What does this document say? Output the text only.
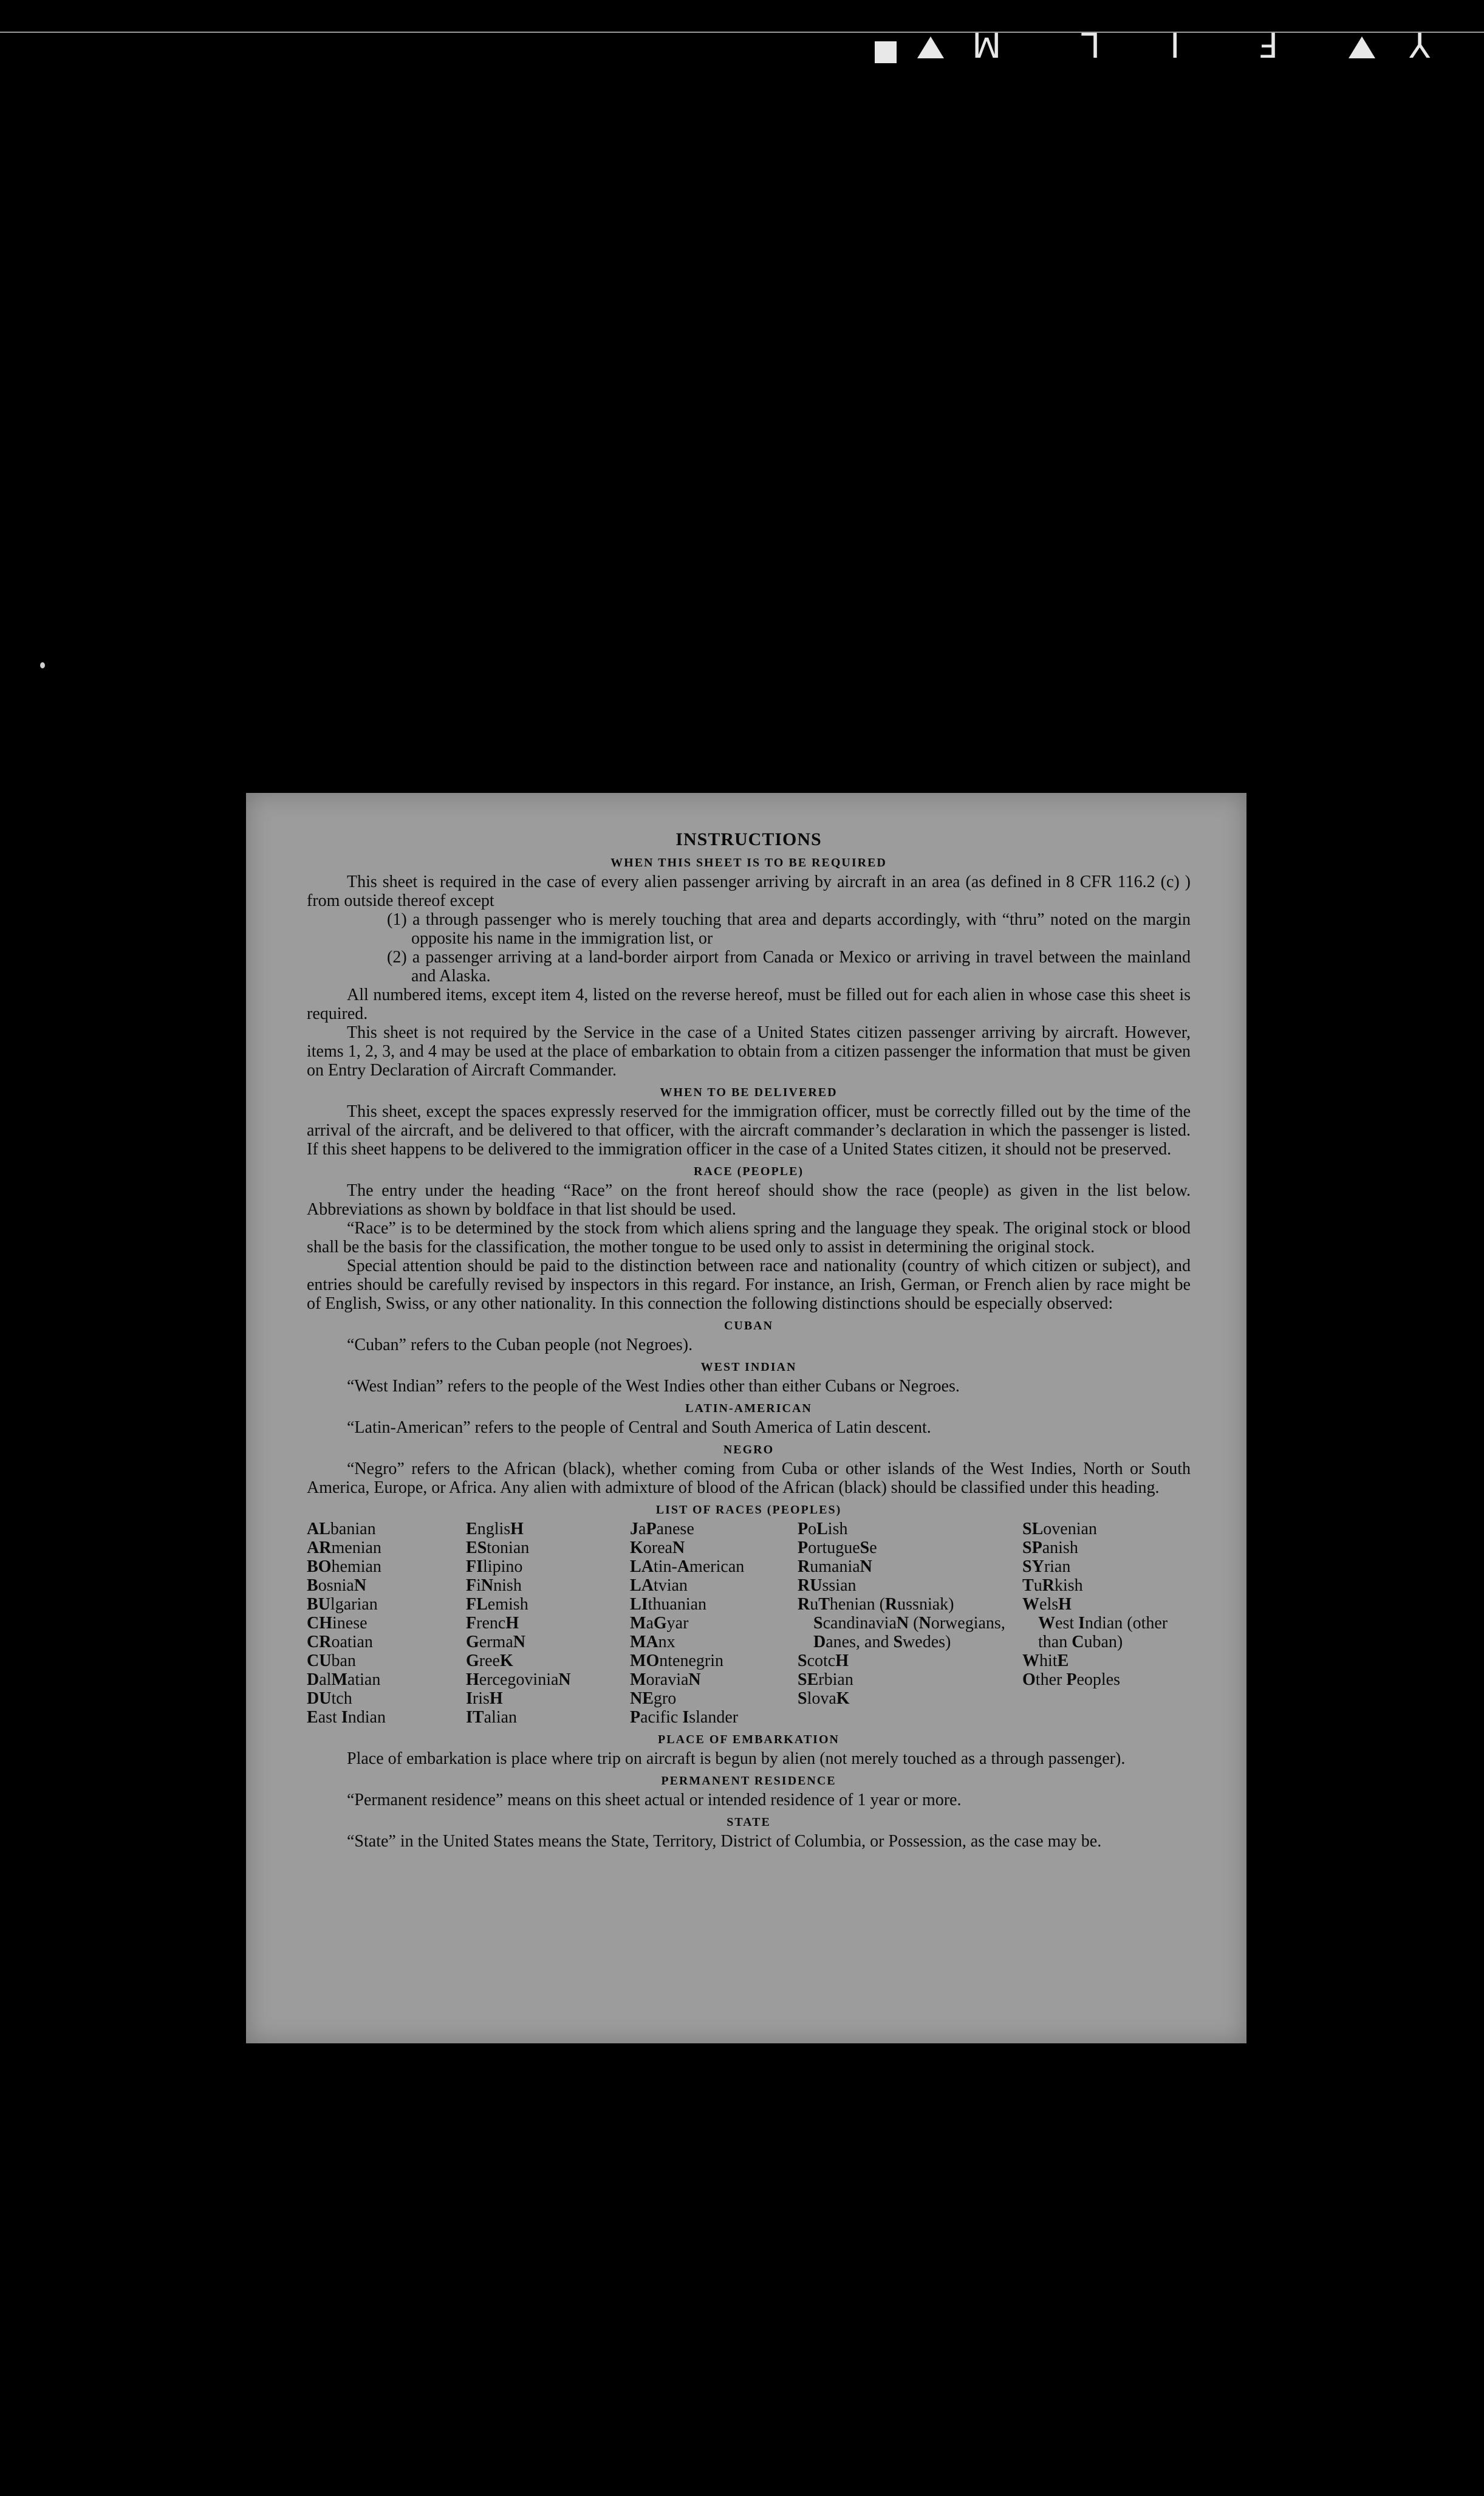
Y
F
I
L
M
INSTRUCTIONS
WHEN THIS SHEET IS TO BE REQUIRED

This sheet is required in the case of every alien passenger arriving by aircraft in an area (as defined in 8 CFR 116.2 (c) ) from outside thereof except

(1) a through passenger who is merely touching that area and departs accordingly, with “thru” noted on the margin opposite his name in the immigration list, or

(2) a passenger arriving at a land-border airport from Canada or Mexico or arriving in travel between the mainland and Alaska.

All numbered items, except item 4, listed on the reverse hereof, must be filled out for each alien in whose case this sheet is required.

This sheet is not required by the Service in the case of a United States citizen passenger arriving by aircraft. However, items 1, 2, 3, and 4 may be used at the place of embarkation to obtain from a citizen passenger the information that must be given on Entry Declaration of Aircraft Commander.

WHEN TO BE DELIVERED

This sheet, except the spaces expressly reserved for the immigration officer, must be correctly filled out by the time of the arrival of the aircraft, and be delivered to that officer, with the aircraft commander’s declaration in which the passenger is listed. If this sheet happens to be delivered to the immigration officer in the case of a United States citizen, it should not be preserved.

RACE (PEOPLE)

The entry under the heading “Race” on the front hereof should show the race (people) as given in the list below. Abbreviations as shown by boldface in that list should be used.

“Race” is to be determined by the stock from which aliens spring and the language they speak. The original stock or blood shall be the basis for the classification, the mother tongue to be used only to assist in determining the original stock.

Special attention should be paid to the distinction between race and nationality (country of which citizen or subject), and entries should be carefully revised by inspectors in this regard. For instance, an Irish, German, or French alien by race might be of English, Swiss, or any other nationality. In this connection the following distinctions should be especially observed:

CUBAN

“Cuban” refers to the Cuban people (not Negroes).

WEST INDIAN

“West Indian” refers to the people of the West Indies other than either Cubans or Negroes.

LATIN-AMERICAN

“Latin-American” refers to the people of Central and South America of Latin descent.

NEGRO

“Negro” refers to the African (black), whether coming from Cuba or other islands of the West Indies, North or South America, Europe, or Africa. Any alien with admixture of blood of the African (black) should be classified under this heading.

LIST OF RACES (PEOPLES)
ALbanian
ARmenian
BOhemian
BosniaN
BUlgarian
CHinese
CRoatian
CUban
DalMatian
DUtch
East Indian
EnglisH
EStonian
FIlipino
FiNnish
FLemish
FrencH
GermaN
GreeK
HercegoviniaN
IrisH
ITalian
JaPanese
KoreaN
LAtin-American
LAtvian
LIthuanian
MaGyar
MAnx
MOntenegrin
MoraviaN
NEgro
Pacific Islander
PoLish
PortugueSe
RumaniaN
RUssian
RuThenian (Russniak)
ScandinaviaN (Norwegians, Danes, and Swedes)
ScotcH
SErbian
SlovaK
SLovenian
SPanish
SYrian
TuRkish
WelsH
West Indian (other than Cuban)
WhitE
Other Peoples
PLACE OF EMBARKATION

Place of embarkation is place where trip on aircraft is begun by alien (not merely touched as a through passenger).

PERMANENT RESIDENCE

“Permanent residence” means on this sheet actual or intended residence of 1 year or more.

STATE

“State” in the United States means the State, Territory, District of Columbia, or Possession, as the case may be.
